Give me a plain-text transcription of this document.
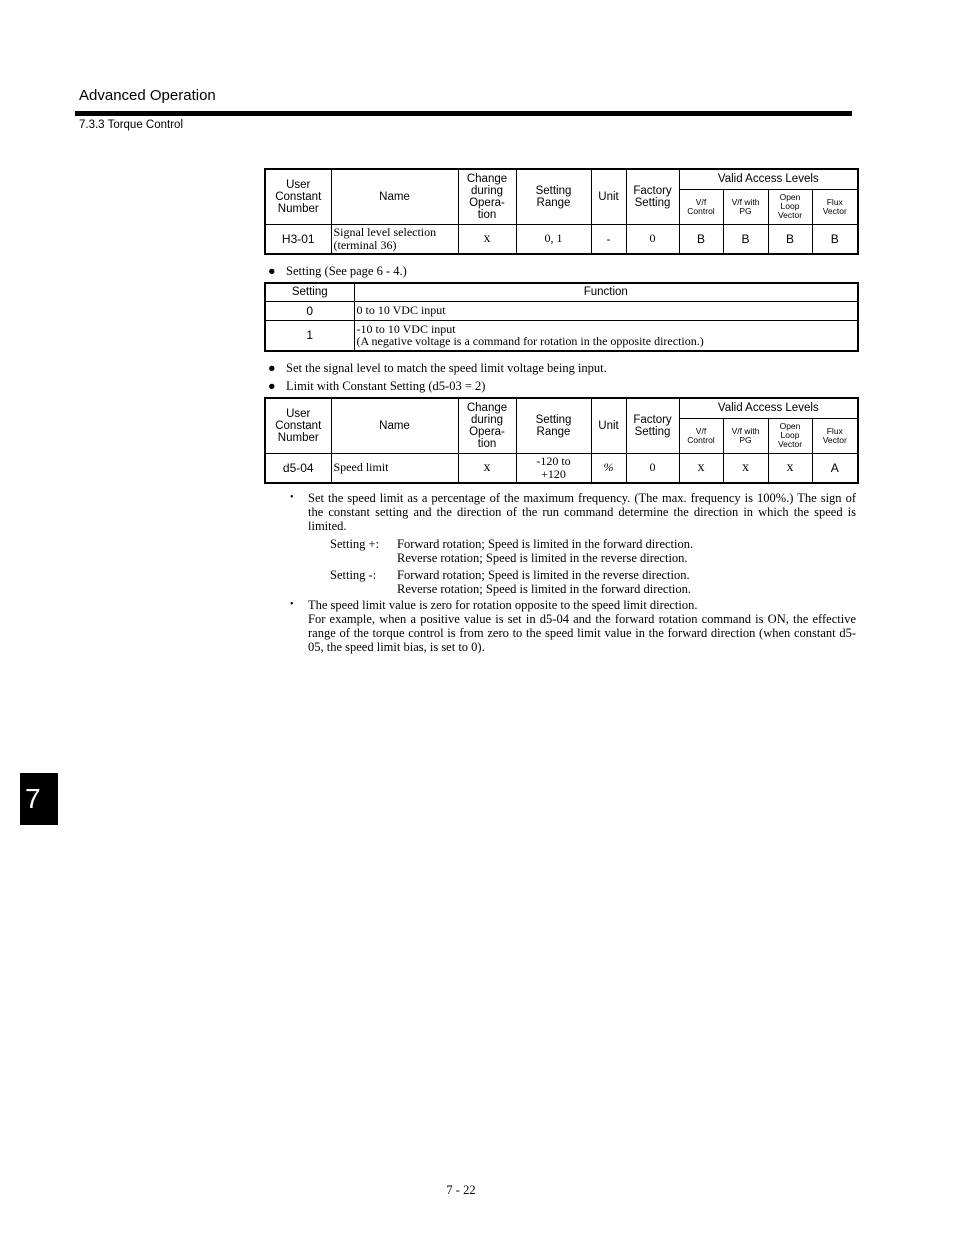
Advanced Operation
7.3.3 Torque Control
User Constant Number	Name	Change during Opera- tion	Setting Range	Unit	Factory Setting	Valid Access Levels			
						V/f Control	V/f with PG	Open Loop Vector	Flux Vector
H3-01	Signal level selection (terminal 36)	x	0, 1	-	0	B	B	B	B
● Setting (See page 6 - 4.)
Setting	Function
0	0 to 10 VDC input
1	-10 to 10 VDC input
(A negative voltage is a command for rotation in the opposite direction.)
● Set the signal level to match the speed limit voltage being input.
● Limit with Constant Setting (d5-03 = 2)
User Constant Number	Name	Change during Opera- tion	Setting Range	Unit	Factory Setting	Valid Access Levels			
						V/f Control	V/f with PG	Open Loop Vector	Flux Vector
d5-04	Speed limit	x	-120 to +120	%	0	x	x	x	A
• Set the speed limit as a percentage of the maximum frequency. (The max. frequency is 100%.) The sign of the constant setting and the direction of the run command determine the direction in which the speed is limited.
Setting +: Forward rotation; Speed is limited in the forward direction.
Reverse rotation; Speed is limited in the reverse direction.
Setting -: Forward rotation; Speed is limited in the reverse direction.
Reverse rotation; Speed is limited in the forward direction.
• The speed limit value is zero for rotation opposite to the speed limit direction.
For example, when a positive value is set in d5-04 and the forward rotation command is ON, the effective range of the torque control is from zero to the speed limit value in the forward direction (when constant d5-05, the speed limit bias, is set to 0).
7
7 - 22
